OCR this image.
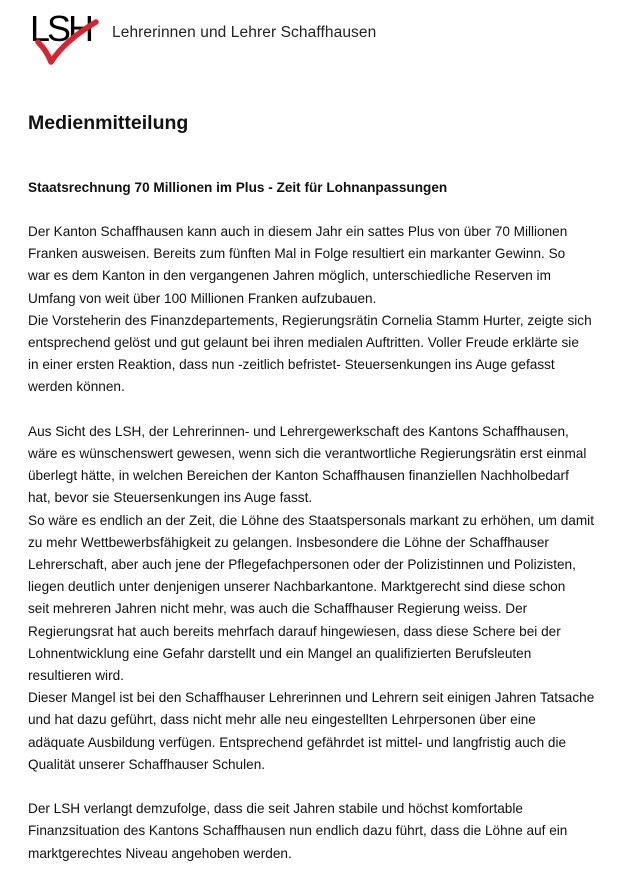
LSH Lehrerinnen und Lehrer Schaffhausen
Medienmitteilung
Staatsrechnung 70 Millionen im Plus - Zeit für Lohnanpassungen

Der Kanton Schaffhausen kann auch in diesem Jahr ein sattes Plus von über 70 Millionen
Franken ausweisen. Bereits zum fünften Mal in Folge resultiert ein markanter Gewinn. So
war es dem Kanton in den vergangenen Jahren möglich, unterschiedliche Reserven im
Umfang von weit über 100 Millionen Franken aufzubauen.

Die Vorsteherin des Finanzdepartements, Regierungsrätin Cornelia Stamm Hurter, zeigte sich
entsprechend gelöst und gut gelaunt bei ihren medialen Auftritten. Voller Freude erklärte sie
in einer ersten Reaktion, dass nun -zeitlich befristet- Steuersenkungen ins Auge gefasst
werden können.

Aus Sicht des LSH, der Lehrerinnen- und Lehrergewerkschaft des Kantons Schaffhausen,
wäre es wünschenswert gewesen, wenn sich die verantwortliche Regierungsrätin erst einmal
überlegt hätte, in welchen Bereichen der Kanton Schaffhausen finanziellen Nachholbedarf
hat, bevor sie Steuersenkungen ins Auge fasst.

So wäre es endlich an der Zeit, die Löhne des Staatspersonals markant zu erhöhen, um damit
zu mehr Wettbewerbsfähigkeit zu gelangen. Insbesondere die Löhne der Schaffhauser
Lehrerschaft, aber auch jene der Pflegefachpersonen oder der Polizistinnen und Polizisten,
liegen deutlich unter denjenigen unserer Nachbarkantone. Marktgerecht sind diese schon
seit mehreren Jahren nicht mehr, was auch die Schaffhauser Regierung weiss. Der
Regierungsrat hat auch bereits mehrfach darauf hingewiesen, dass diese Schere bei der
Lohnentwicklung eine Gefahr darstellt und ein Mangel an qualifizierten Berufsleuten
resultieren wird.

Dieser Mangel ist bei den Schaffhauser Lehrerinnen und Lehrern seit einigen Jahren Tatsache
und hat dazu geführt, dass nicht mehr alle neu eingestellten Lehrpersonen über eine
adäquate Ausbildung verfügen. Entsprechend gefährdet ist mittel- und langfristig auch die
Qualität unserer Schaffhauser Schulen.

Der LSH verlangt demzufolge, dass die seit Jahren stabile und höchst komfortable
Finanzsituation des Kantons Schaffhausen nun endlich dazu führt, dass die Löhne auf ein
marktgerechtes Niveau angehoben werden.
